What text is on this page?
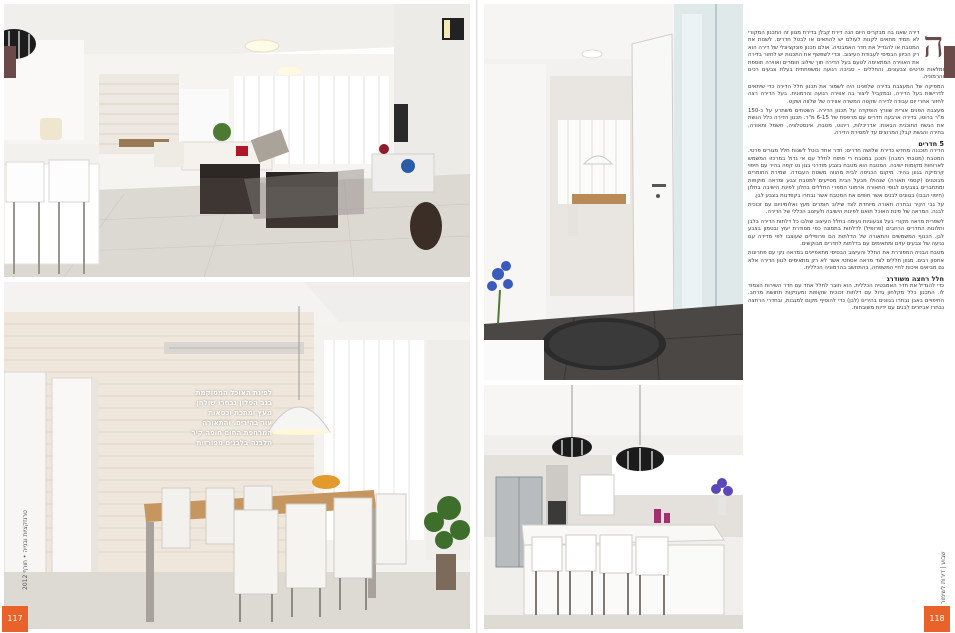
לפינת האוכל המסוקמת
בגב הסלון נבחרו שולחן
מעץ ומתכת וכסאות
עור בהירים. והתאורה
המרחפת החום חופה קיר
הלבנה בלבנים מפורזות
טרנזקציות ובנייה • חורף 2012
117
שבוע | דירות לשימור
118
ה

דירה שאנו בה מבקרים היום הנה דירת קבלן בדירת מגוון זה התכנון המקורי לא תמיד מתאים לקנות לעולם יש להתאים או לבטל חדרים. לשנות את המטבח או להגדיל את חדר האמבטיה. אולם תכנון פונקציונלי של דירה הוא רק הכיוון הבסיסי לעבודת העיצוב. וכדי לשפשף את התכנות יש לחזור בדירה את האווירה המתאימה לטעם בעל הדירה תוך שילוב חומרים ואווירה תוספת ומלאות פרטים צבעונים, והחללים – סביבה רגועה ומשפחתית בעלת צבעים רכים והרמוניה.

המפיקה של המעצבת בדירה שלפנינו היה לשמור את תכנון חלל הדירה כדי שיתאים לדרישות בעל הדירה, ובמקביל ליצור בה אווירה רגועה והרמונית. בעל הדירה רצה לחזור אחרי יום עבודה לדירה שקטה המשרה אווירה של שלווה ושקט.

מעצבת הפנים אורית שוורץ הופקדה על תכנון הדירה. השטחים משתרע על כ-150 מ"ר ברוטו, בדירה ארבעה חדרים עם מרפסת של 6-15 מ"ר. תכנון הדירה כלל הגשת את הגשת התוכנית הבאות: אדריכלות, ריהוט, מטבח, אינסטלציה, חשמל ותאורה, בחירה והגשת קבלן המרוצים עד למסירת הדירה.

5 חדרים

הדירה תוכננה מחדש כדירת שלושה חדרים: חדר אחד בוטל לשנות חלל מגורים פרטי. המטבח (מטבחי רמבה) תוכנן במטבח רי פתוח לחלל עם אי גדול במרכזו המשמש לארוחות מקומות ישיבה. המטבח הוא מטבח בצבע מודרני בגון נט קפה בהיר עם חיפוי קרמיקה בגוון בהיר. מיקום הכניסה לבית מהווה משטח העבודה. שמירת החומרים מבוטנים (קסמי תאורה) שנהולו מבעל הבית מסייעים למטבח צבע ומראה מוקפות ומתחברים בצבעים לגופי התאורה ארמוני המפרי החללים בחלון לפינת הישיבה בחלון (חיפוי הבבו) בגוונים לבנים אשר חופים את המטבח אשר נבחרו בקפדנות בצבע לבן.

על גבי הקיר נבחרה תאורה מיוחדת לצד שילוב חומרים מעץ ואלומיניום עם זכוכית לבנה. המראה של פינת האוכל תואם לפינות הישיבה ולעיצוב הכללי של הדירה.

לשפרית מראה מקורי בעל צבעוניות נעימה בחלל העיצוב שולבו כל דלתות הדירה בלבן וחלונות החדרים הרחבים (פרופיל) לדלתות בתמונה כפי מסודרת יעוץ ובטמון בצבע לבן. הכנוף המשמשים והתאורה של הדלתות הם פרופילים שעוצבו לפי מדידה עם נגיעה של צבעים עזים ומתאימים עם בדלתות לחדרים מבוקשים.

מטבח הבניה המפוררת את החלל והעיצוב הבסיסי מתאפיינים במראה נקי עם פתרונות אחסון רבים. מגוון חללים לצד מראה אסתטי אשר לא רק מתאימים לגוון הדירה אלא גם מביאים איכות לחיי המשפחה, בהתחשב בהרמוניה הכללית.

חלל רחצה משודרג

כדי להגדיל את חדר האמבטיה הכללית, הוא חובר לחלל אחד עם חדר השירות הצמוד לו. התכנון כלל מקלחון גדול עם דלתות זכוכית שקופות ומעניקות תחושת מרחב. החיפויים באבן נבחרו בגוונים בהירים (לבן) כדי להוסיף מקום למגבות, ובחדרי הרחצה נבחרו אביזרים לבנים עם ידיות משובחות.
